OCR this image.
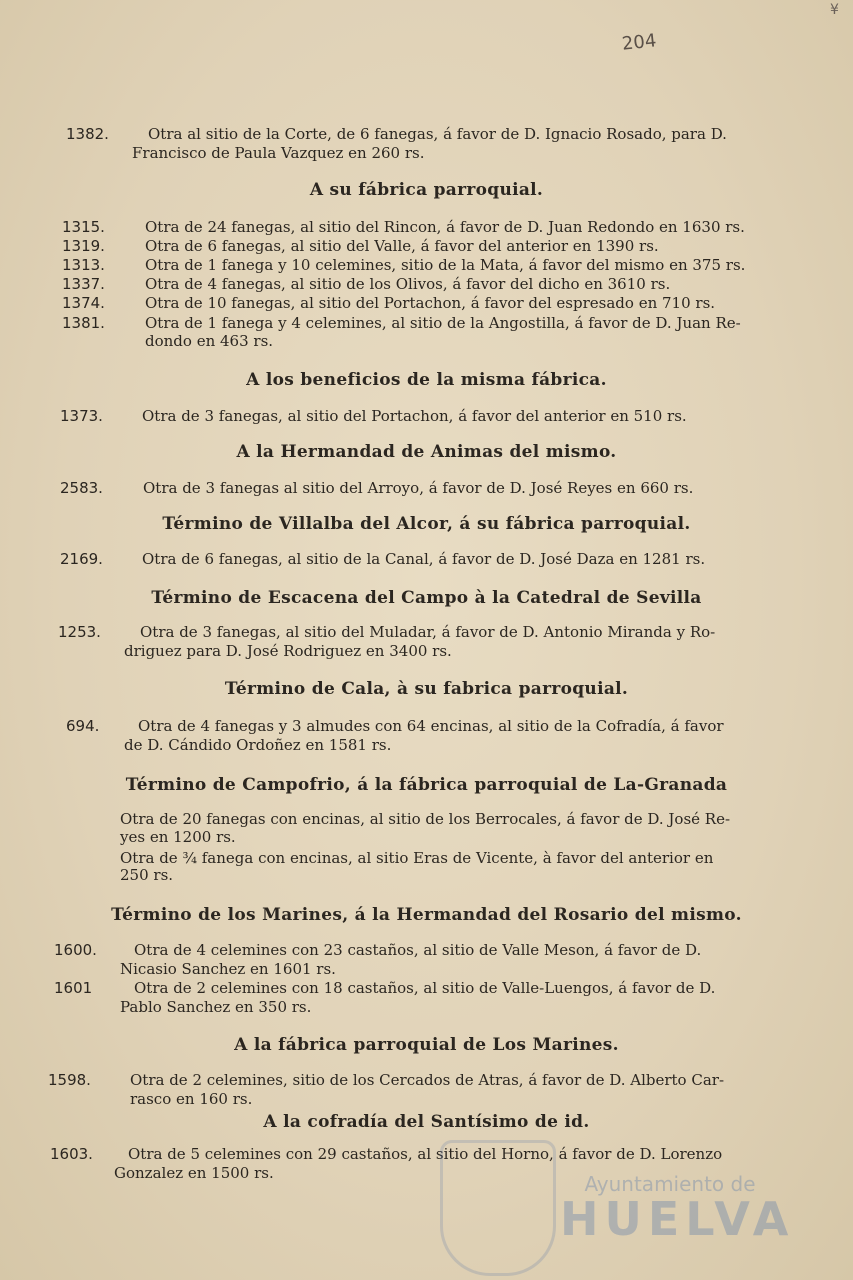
¥
204
1382.	Otra al sitio de la Corte, de 6 fanegas, á favor de D. Ignacio Rosado, para D.
Francisco de Paula Vazquez en 260 rs.
A su fábrica parroquial.
1315.	Otra de 24 fanegas, al sitio del Rincon, á favor de D. Juan Redondo en 1630 rs.
1319.	Otra de 6 fanegas, al sitio del Valle, á favor del anterior en 1390 rs.
1313.	Otra de 1 fanega y 10 celemines, sitio de la Mata, á favor del mismo en 375 rs.
1337.	Otra de 4 fanegas, al sitio de los Olivos, á favor del dicho en 3610 rs.
1374.	Otra de 10 fanegas, al sitio del Portachon, á favor del espresado en 710 rs.
1381.	Otra de 1 fanega y 4 celemines, al sitio de la Angostilla, á favor de D. Juan Re-
dondo en 463 rs.
A los beneficios de la misma fábrica.
1373.	Otra de 3 fanegas, al sitio del Portachon, á favor del anterior en 510 rs.
A la Hermandad de Animas del mismo.
2583.	Otra de 3 fanegas al sitio del Arroyo, á favor de D. José Reyes en 660 rs.
Término de Villalba del Alcor, á su fábrica parroquial.
2169.	Otra de 6 fanegas, al sitio de la Canal, á favor de D. José Daza en 1281 rs.
Término de Escacena del Campo à la Catedral de Sevilla
1253.	Otra de 3 fanegas, al sitio del Muladar, á favor de D. Antonio Miranda y Ro-
driguez para D. José Rodriguez en 3400 rs.
Término de Cala, à su fabrica parroquial.
694.	Otra de 4 fanegas y 3 almudes con 64 encinas, al sitio de la Cofradía, á favor
de D. Cándido Ordoñez en 1581 rs.
Término de Campofrio, á la fábrica parroquial de La-Granada
Otra de 20 fanegas con encinas, al sitio de los Berrocales, á favor de D. José Re-
yes en 1200 rs.
Otra de ¾ fanega con encinas, al sitio Eras de Vicente, à favor del anterior en
250 rs.
Término de los Marines, á la Hermandad del Rosario del mismo.
1600. Otra de 4 celemines con 23 castaños, al sitio de Valle Meson, á favor de D.
Nicasio Sanchez en 1601 rs.
1601	Otra de 2 celemines con 18 castaños, al sitio de Valle-Luengos, á favor de D.
Pablo Sanchez en 350 rs.
A la fábrica parroquial de Los Marines.
1598.	Otra de 2 celemines, sitio de los Cercados de Atras, á favor de D. Alberto Car-
rasco en 160 rs.
A la cofradía del Santísimo de id.
1603. Otra de 5 celemines con 29 castaños, al sitio del Horno, á favor de D. Lorenzo
Gonzalez en 1500 rs.	Ayuntamiento de
HUELVA
